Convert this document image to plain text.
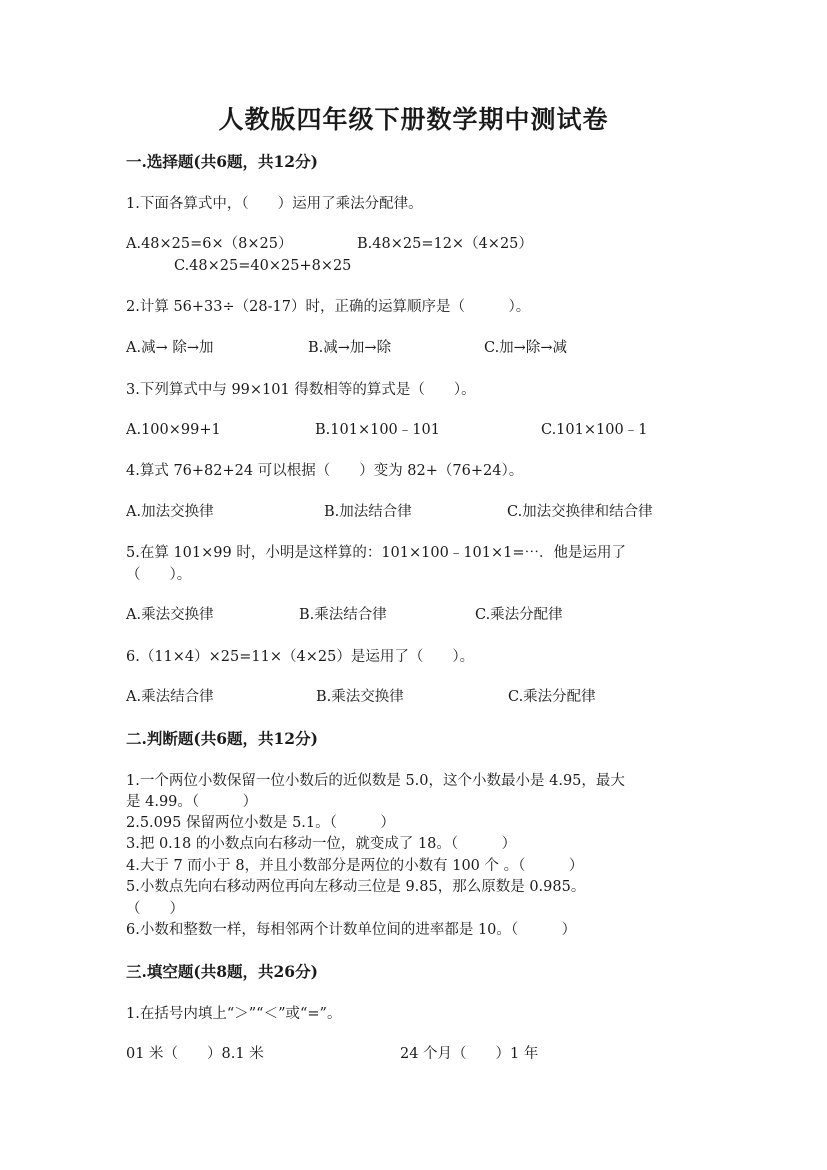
人教版四年级下册数学期中测试卷
一.选择题(共6题，共12分)
1.下面各算式中，（　　）运用了乘法分配律。
A.48×25=6×（8×25）	B.48×25=12×（4×25）
C.48×25=40×25+8×25
2.计算 56+33÷（28-17）时，正确的运算顺序是（　　　）。
A.减→ 除→加	B.减→加→除	C.加→除→减
3.下列算式中与 99×101 得数相等的算式是（　　）。
A.100×99+1	B.101×100﹣101	C.101×100﹣1
4.算式 76+82+24 可以根据（　　）变为 82+（76+24）。
A.加法交换律	B.加法结合律	C.加法交换律和结合律
5.在算 101×99 时，小明是这样算的：101×100﹣101×1=⋯．他是运用了
（　　）。
A.乘法交换律	B.乘法结合律	C.乘法分配律
6.（11×4）×25=11×（4×25）是运用了（　　）。
A.乘法结合律	B.乘法交换律	C.乘法分配律
二.判断题(共6题，共12分)
1.一个两位小数保留一位小数后的近似数是 5.0，这个小数最小是 4.95，最大
是 4.99。（　　　）
2.5.095 保留两位小数是 5.1。（　　　）
3.把 0.18 的小数点向右移动一位，就变成了 18。（　　　）
4.大于 7 而小于 8，并且小数部分是两位的小数有 100 个 。（　　　）
5.小数点先向右移动两位再向左移动三位是 9.85，那么原数是 0.985。
（　　）
6.小数和整数一样，每相邻两个计数单位间的进率都是 10。（　　　）
三.填空题(共8题，共26分)
1.在括号内填上“＞”“＜”或“=”。
01 米（　　）8.1 米	24 个月（　　）1 年
